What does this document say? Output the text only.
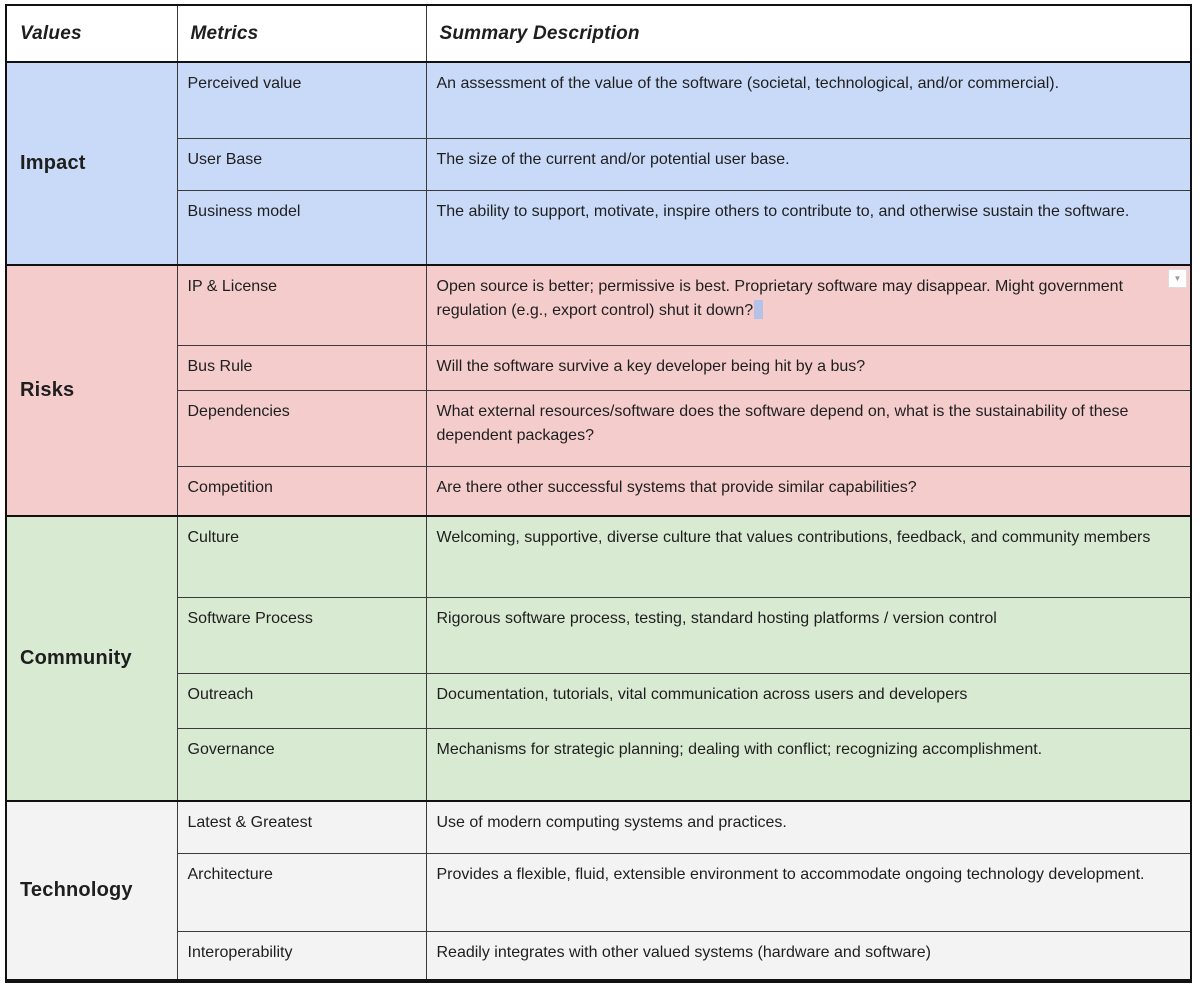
Values	Metrics	Summary Description
Impact	Perceived value	An assessment of the value of the software (societal, technological, and/or commercial).
	User Base	The size of the current and/or potential user base.
	Business model	The ability to support, motivate, inspire others to contribute to, and otherwise sustain the software.
Risks	IP & License	Open source is better; permissive is best. Proprietary software may disappear. Might government regulation (e.g., export control) shut it down?
▼

	Bus Rule	Will the software survive a key developer being hit by a bus?
	Dependencies	What external resources/software does the software depend on, what is the sustainability of these dependent packages?
	Competition	Are there other successful systems that provide similar capabilities?
Community	Culture	Welcoming, supportive, diverse culture that values contributions, feedback, and community members
	Software Process	Rigorous software process, testing, standard hosting platforms / version control
	Outreach	Documentation, tutorials, vital communication across users and developers
	Governance	Mechanisms for strategic planning; dealing with conflict; recognizing accomplishment.
Technology	Latest & Greatest	Use of modern computing systems and practices.
	Architecture	Provides a flexible, fluid, extensible environment to accommodate ongoing technology development.
	Interoperability	Readily integrates with other valued systems (hardware and software)
